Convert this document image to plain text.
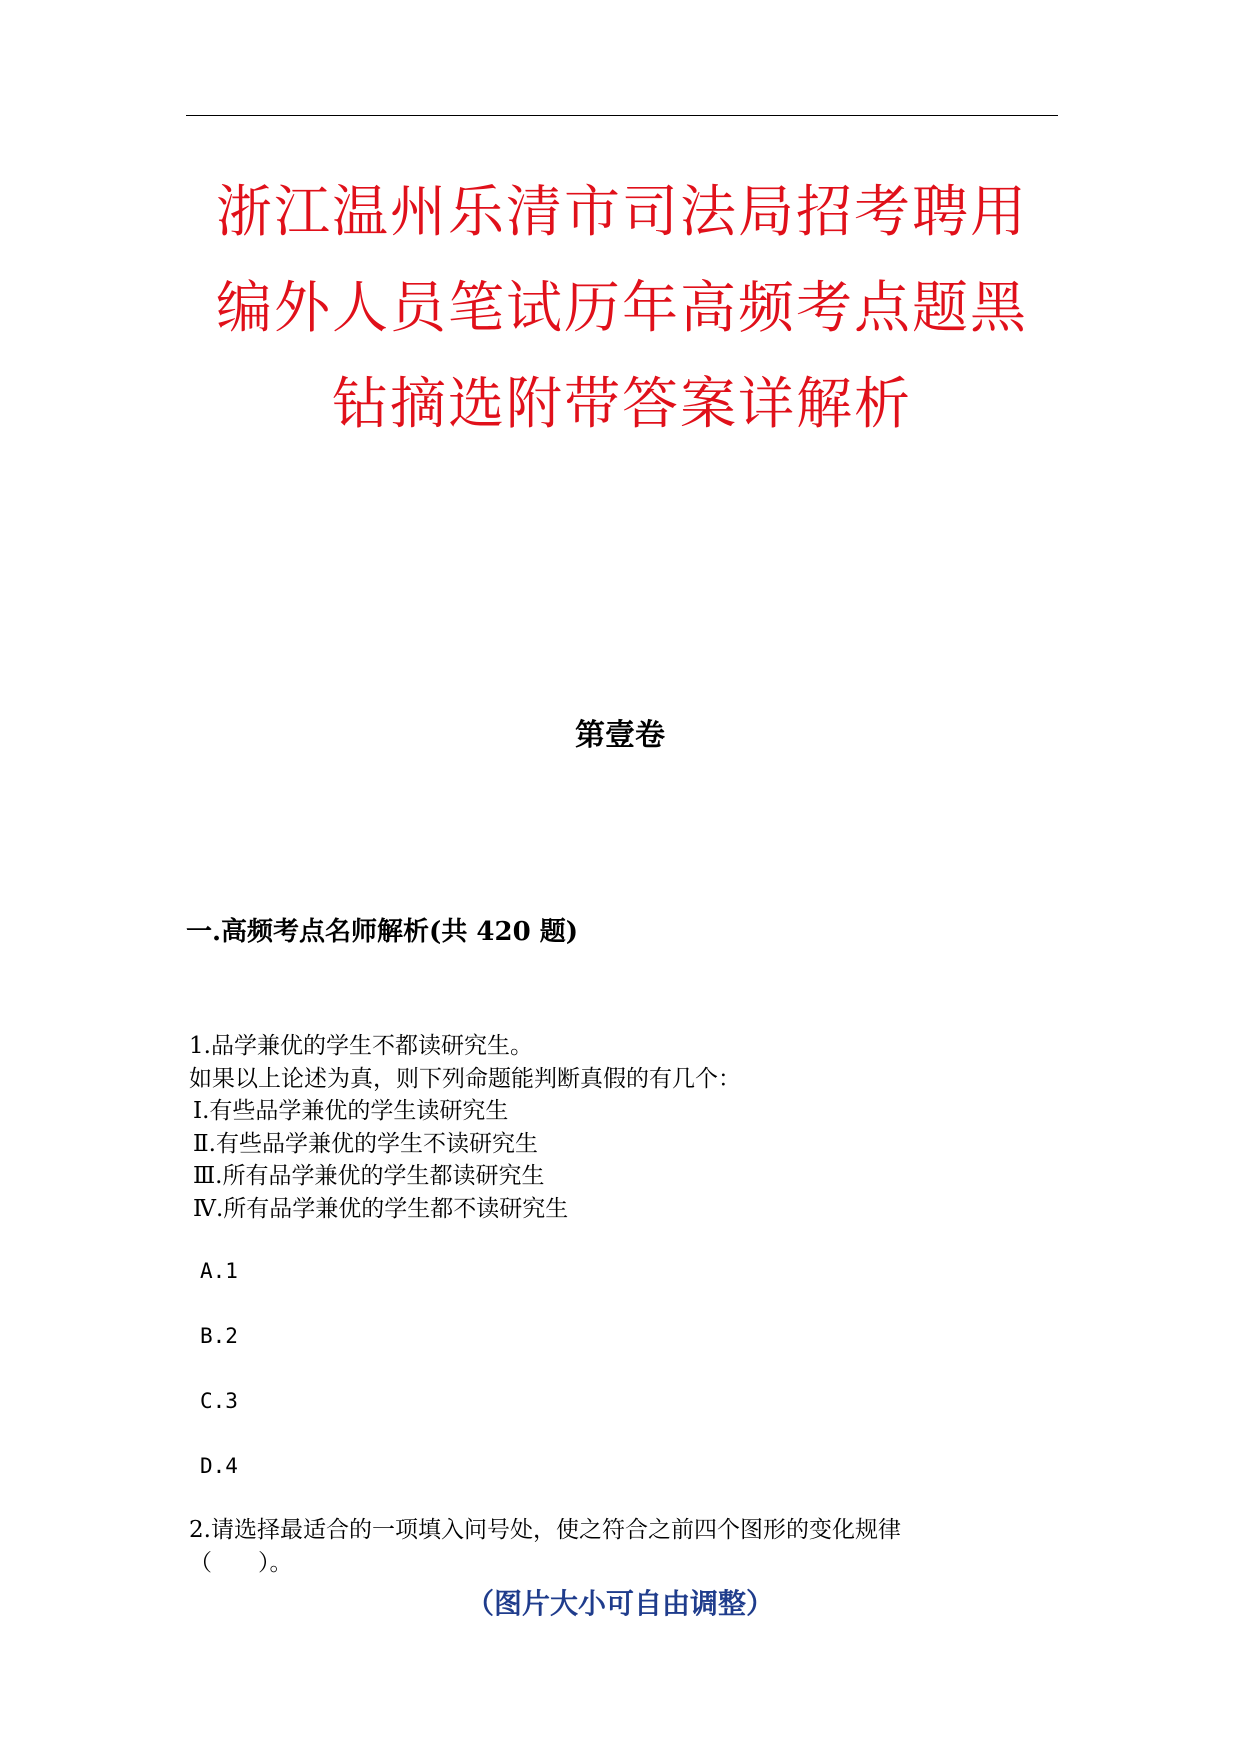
浙江温州乐清市司法局招考聘用
编外人员笔试历年高频考点题黑
钻摘选附带答案详解析
第壹卷
一.高频考点名师解析(共 420 题)
1.品学兼优的学生不都读研究生。
如果以上论述为真，则下列命题能判断真假的有几个：
Ⅰ.有些品学兼优的学生读研究生
Ⅱ.有些品学兼优的学生不读研究生
Ⅲ.所有品学兼优的学生都读研究生
Ⅳ.所有品学兼优的学生都不读研究生
A.1
B.2
C.3
D.4
2.请选择最适合的一项填入问号处，使之符合之前四个图形的变化规律
（　　）。
（图片大小可自由调整）
